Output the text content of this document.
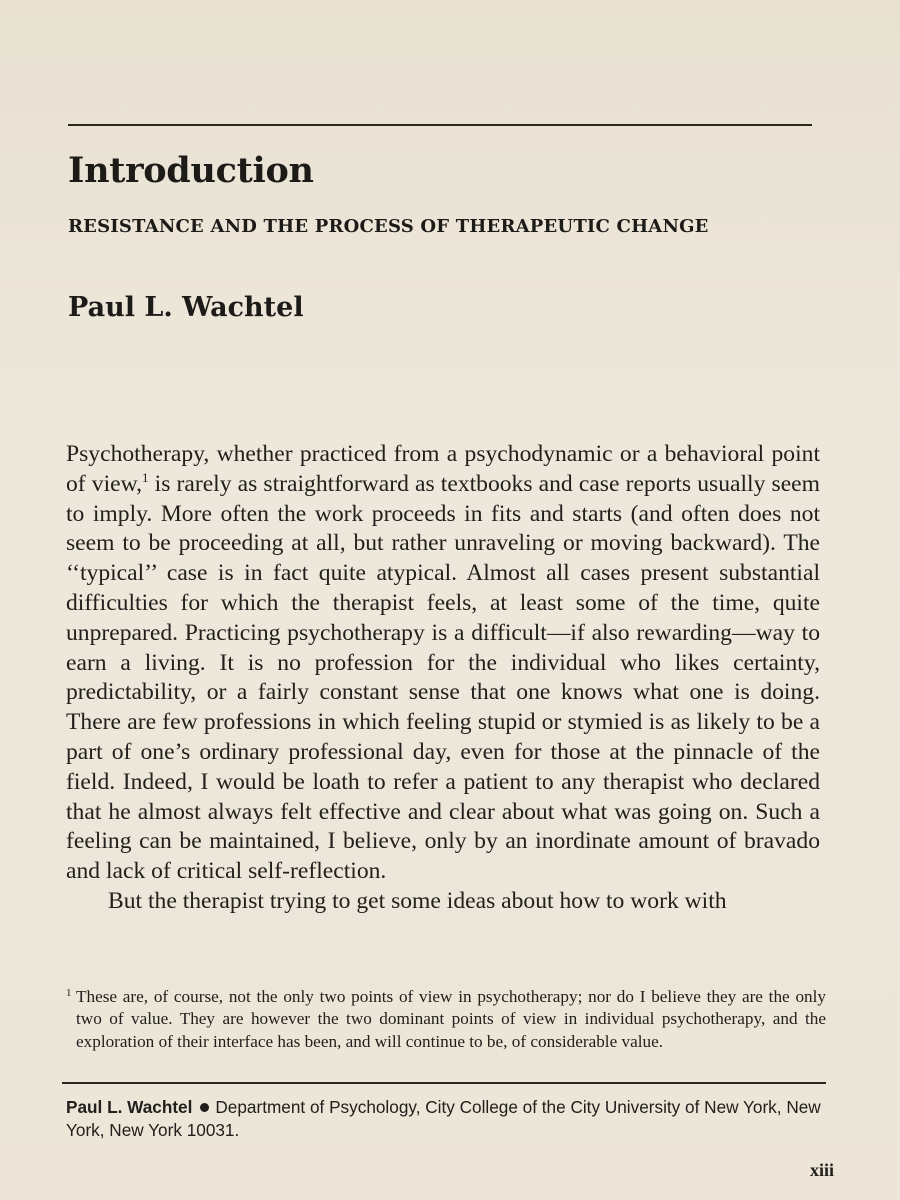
Introduction
RESISTANCE AND THE PROCESS OF THERAPEUTIC CHANGE
Paul L. Wachtel

Psychotherapy, whether practiced from a psychodynamic or a behavioral point of view,$^1$ is rarely as straightforward as textbooks and case reports usually seem to imply. More often the work proceeds in fits and starts (and often does not seem to be proceeding at all, but rather unraveling or moving backward). The ‘‘typical’’ case is in fact quite atypical. Almost all cases present substantial difficulties for which the therapist feels, at least some of the time, quite unprepared. Practicing psychotherapy is a difficult—if also rewarding—way to earn a living. It is no profession for the individual who likes certainty, predictability, or a fairly constant sense that one knows what one is doing. There are few professions in which feeling stupid or stymied is as likely to be a part of one’s ordinary professional day, even for those at the pinnacle of the field. Indeed, I would be loath to refer a patient to any therapist who declared that he almost always felt effective and clear about what was going on. Such a feeling can be maintained, I believe, only by an inordinate amount of bravado and lack of critical self-reflection.

But the therapist trying to get some ideas about how to work with

1 These are, of course, not the only two points of view in psychotherapy; nor do I believe they are the only two of value. They are however the two dominant points of view in individual psychotherapy, and the exploration of their interface has been, and will continue to be, of considerable value.
Paul L. Wachtel Department of Psychology, City College of the City University of New York, New York, New York 10031.
xiii
